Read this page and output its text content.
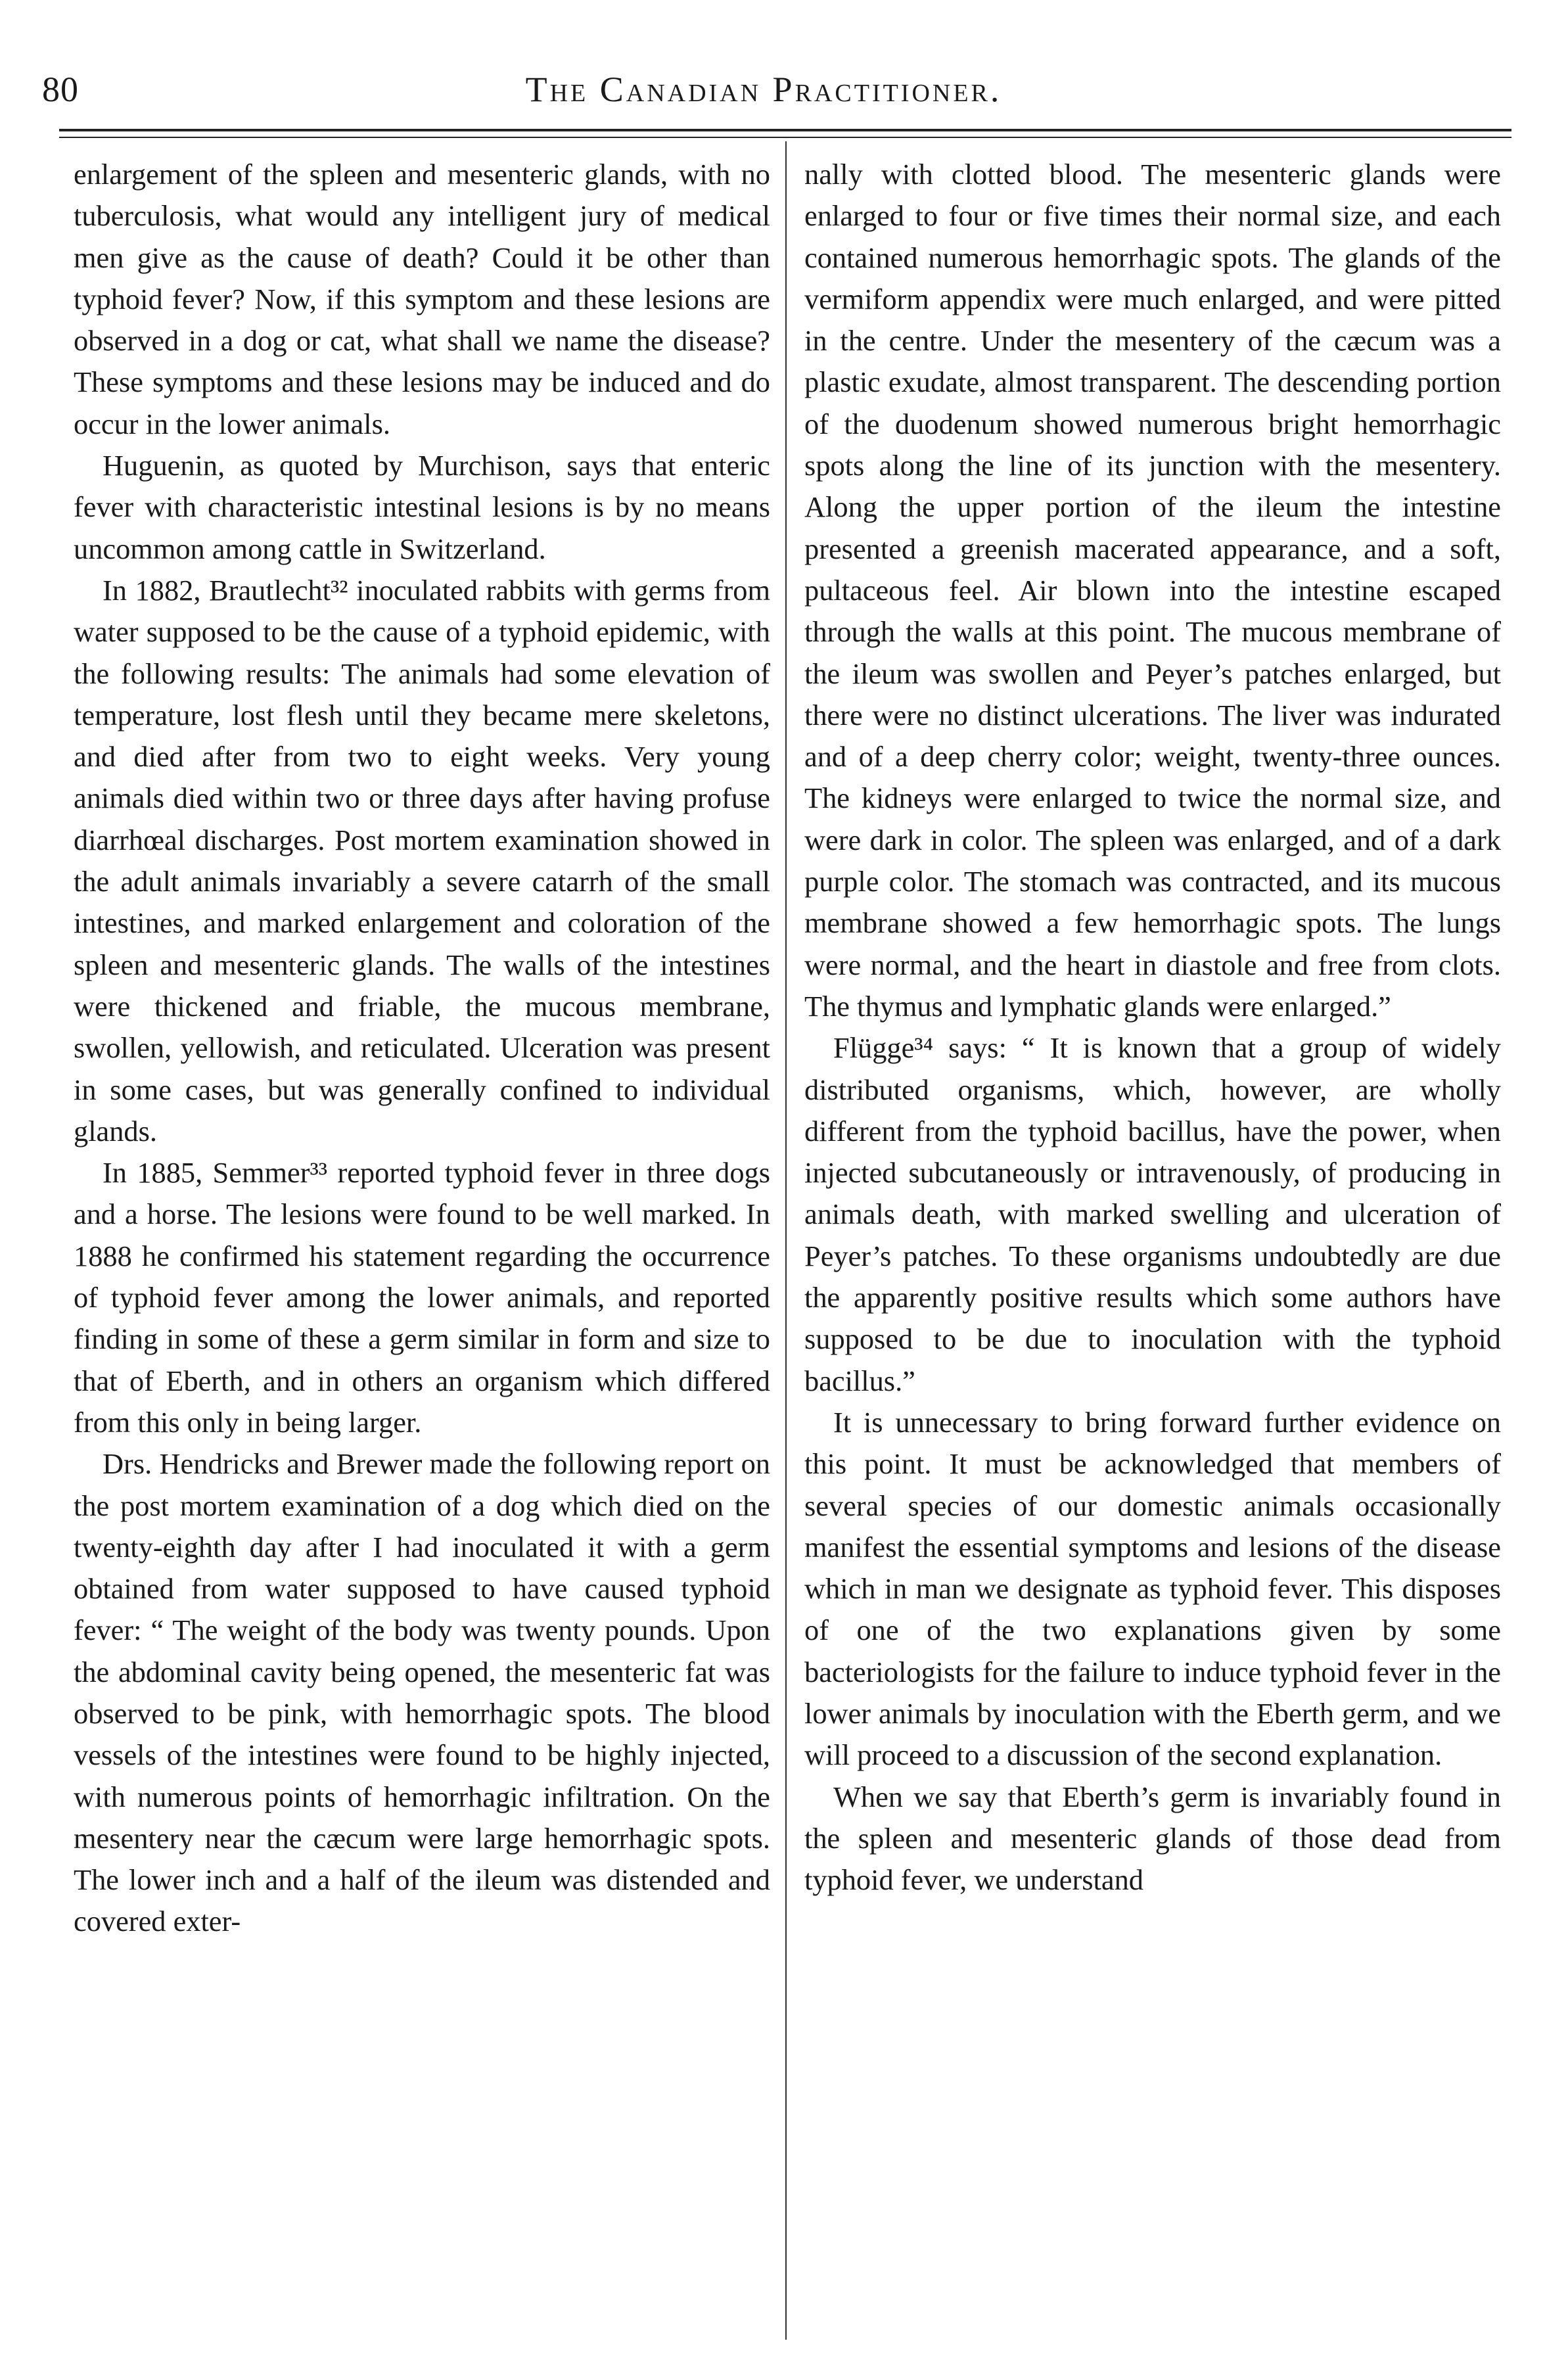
80	The Canadian Practitioner.

enlargement of the spleen and mesenteric glands, with no tuberculosis, what would any intelligent jury of medical men give as the cause of death? Could it be other than typhoid fever? Now, if this symptom and these lesions are observed in a dog or cat, what shall we name the disease? These symptoms and these lesions may be induced and do occur in the lower animals.

Huguenin, as quoted by Murchison, says that enteric fever with characteristic intestinal lesions is by no means uncommon among cattle in Switzerland.

In 1882, Brautlecht³² inoculated rabbits with germs from water supposed to be the cause of a typhoid epidemic, with the following results: The animals had some elevation of temperature, lost flesh until they became mere skeletons, and died after from two to eight weeks. Very young animals died within two or three days after having profuse diarrhœal discharges. Post mortem examination showed in the adult animals invariably a severe catarrh of the small intestines, and marked enlargement and coloration of the spleen and mesenteric glands. The walls of the intestines were thickened and friable, the mucous membrane, swollen, yellowish, and reticulated. Ulceration was present in some cases, but was generally confined to individual glands.

In 1885, Semmer³³ reported typhoid fever in three dogs and a horse. The lesions were found to be well marked. In 1888 he confirmed his statement regarding the occurrence of typhoid fever among the lower animals, and reported finding in some of these a germ similar in form and size to that of Eberth, and in others an organism which differed from this only in being larger.

Drs. Hendricks and Brewer made the following report on the post mortem examination of a dog which died on the twenty-eighth day after I had inoculated it with a germ obtained from water supposed to have caused typhoid fever: “ The weight of the body was twenty pounds. Upon the abdominal cavity being opened, the mesenteric fat was observed to be pink, with hemorrhagic spots. The blood vessels of the intestines were found to be highly injected, with numerous points of hemorrhagic infiltration. On the mesentery near the cæcum were large hemorrhagic spots. The lower inch and a half of the ileum was distended and covered exter-

nally with clotted blood. The mesenteric glands were enlarged to four or five times their normal size, and each contained numerous hemorrhagic spots. The glands of the vermiform appendix were much enlarged, and were pitted in the centre. Under the mesentery of the cæcum was a plastic exudate, almost transparent. The descending portion of the duodenum showed numerous bright hemorrhagic spots along the line of its junction with the mesentery. Along the upper portion of the ileum the intestine presented a greenish macerated appearance, and a soft, pultaceous feel. Air blown into the intestine escaped through the walls at this point. The mucous membrane of the ileum was swollen and Peyer’s patches enlarged, but there were no distinct ulcerations. The liver was indurated and of a deep cherry color; weight, twenty-three ounces. The kidneys were enlarged to twice the normal size, and were dark in color. The spleen was enlarged, and of a dark purple color. The stomach was contracted, and its mucous membrane showed a few hemorrhagic spots. The lungs were normal, and the heart in diastole and free from clots. The thymus and lymphatic glands were enlarged.”

Flügge³⁴ says: “ It is known that a group of widely distributed organisms, which, however, are wholly different from the typhoid bacillus, have the power, when injected subcutaneously or intravenously, of producing in animals death, with marked swelling and ulceration of Peyer’s patches. To these organisms undoubtedly are due the apparently positive results which some authors have supposed to be due to inoculation with the typhoid bacillus.”

It is unnecessary to bring forward further evidence on this point. It must be acknowledged that members of several species of our domestic animals occasionally manifest the essential symptoms and lesions of the disease which in man we designate as typhoid fever. This disposes of one of the two explanations given by some bacteriologists for the failure to induce typhoid fever in the lower animals by inoculation with the Eberth germ, and we will proceed to a discussion of the second explanation.

When we say that Eberth’s germ is invariably found in the spleen and mesenteric glands of those dead from typhoid fever, we understand
